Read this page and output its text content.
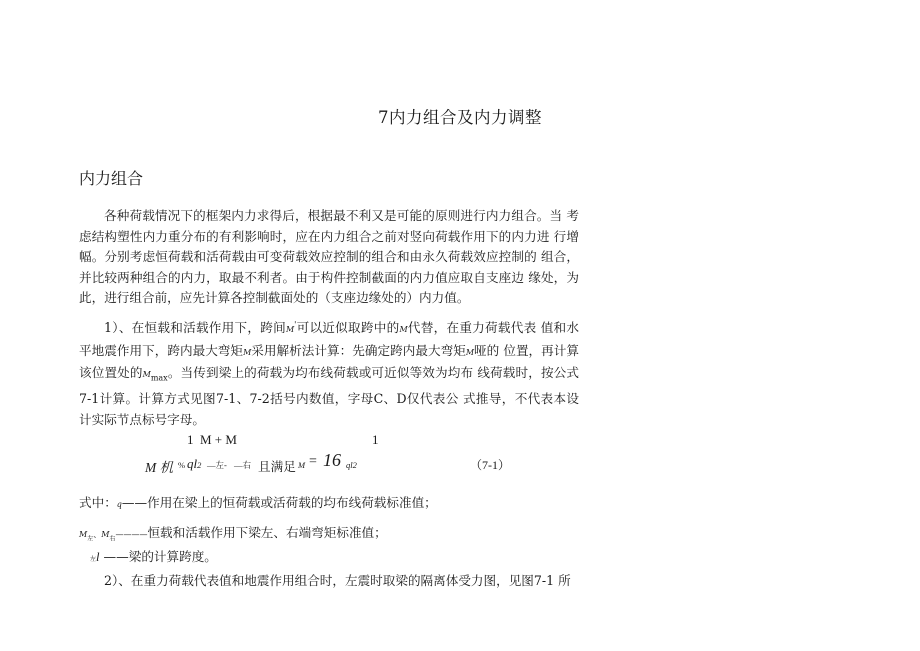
7内力组合及内力调整
内力组合

各种荷载情况下的框架内力求得后，根据最不利又是可能的原则进行内力组合。当 考虑结构塑性内力重分布的有利影响时，应在内力组合之前对竖向荷载作用下的内力进 行增幅。分别考虑恒荷载和活荷载由可变荷载效应控制的组合和由永久荷载效应控制的 组合，并比较两种组合的内力，取最不利者。由于构件控制截面的内力值应取自支座边 缘处，为此，进行组合前，应先计算各控制截面处的（支座边缘处的）内力值。

1）、在恒载和活载作用下，跨间M'可以近似取跨中的M代替，在重力荷载代表 值和水平地震作用下，跨内最大弯矩M采用解析法计算：先确定跨内最大弯矩M哑的 位置，再计算该位置处的$M_{max}$。当传到梁上的荷载为均布线荷载或可近似等效为均布 线荷载时，按公式7-1计算。计算方式见图7-1、7-2括号内数值，字母C、D仅代表公 式推导，不代表本设计实际节点标号字母。

1 M + M	1
M 机 % ql2 —左- —右 且满足 M = 16 ql2	（7-1）
式中：q——作用在梁上的恒荷载或活荷载的均布线荷载标准值；
$M_左$、$M_右————$恒载和活载作用下梁左、右端弯矩标准值；
左l ——梁的计算跨度。
2）、在重力荷载代表值和地震作用组合时，左震时取梁的隔离体受力图，见图7-1 所
